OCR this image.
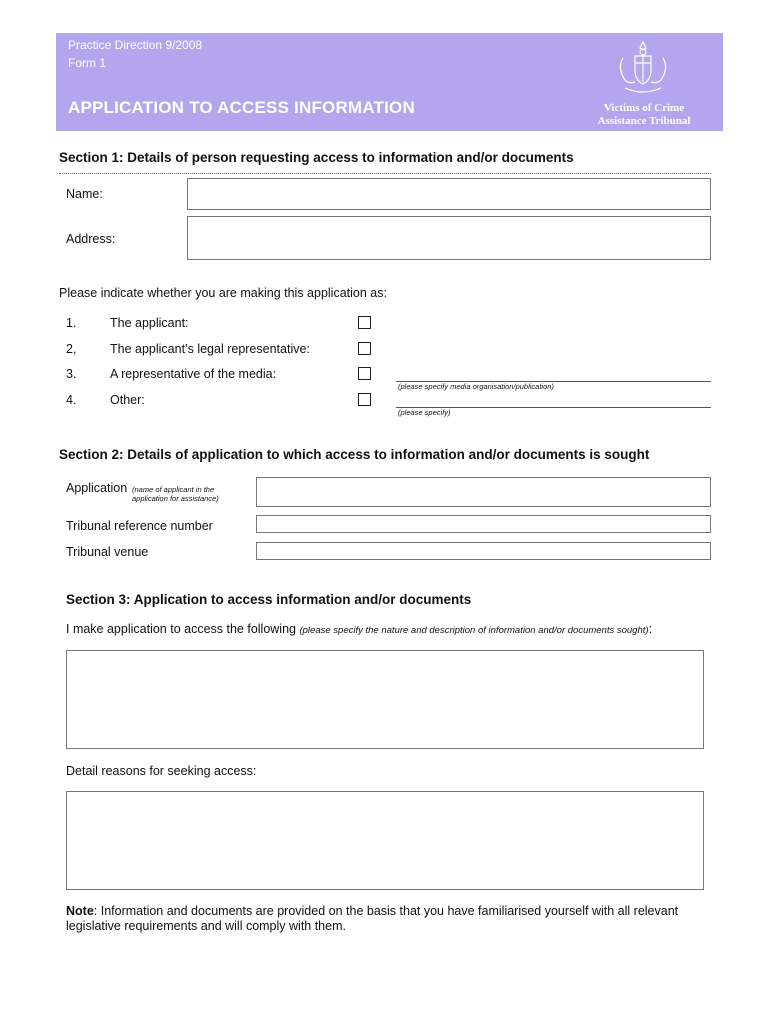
Practice Direction 9/2008
Form 1
APPLICATION TO ACCESS INFORMATION	Victims of Crime
Assistance Tribunal
Section 1: Details of person requesting access to information and/or documents
Name:
Address:
Please indicate whether you are making this application as:
1.	The applicant:
2,	The applicant’s legal representative:
3.	A representative of the media:
(please specify media organisation/publication)
4.	Other:
(please specify)
Section 2: Details of application to which access to information and/or documents is sought
Application (name of applicant in the application for assistance)
Tribunal reference number
Tribunal venue
Section 3: Application to access information and/or documents
I make application to access the following (please specify the nature and description of information and/or documents sought):
Detail reasons for seeking access:
Note: Information and documents are provided on the basis that you have familiarised yourself with all relevant legislative requirements and will comply with them.
